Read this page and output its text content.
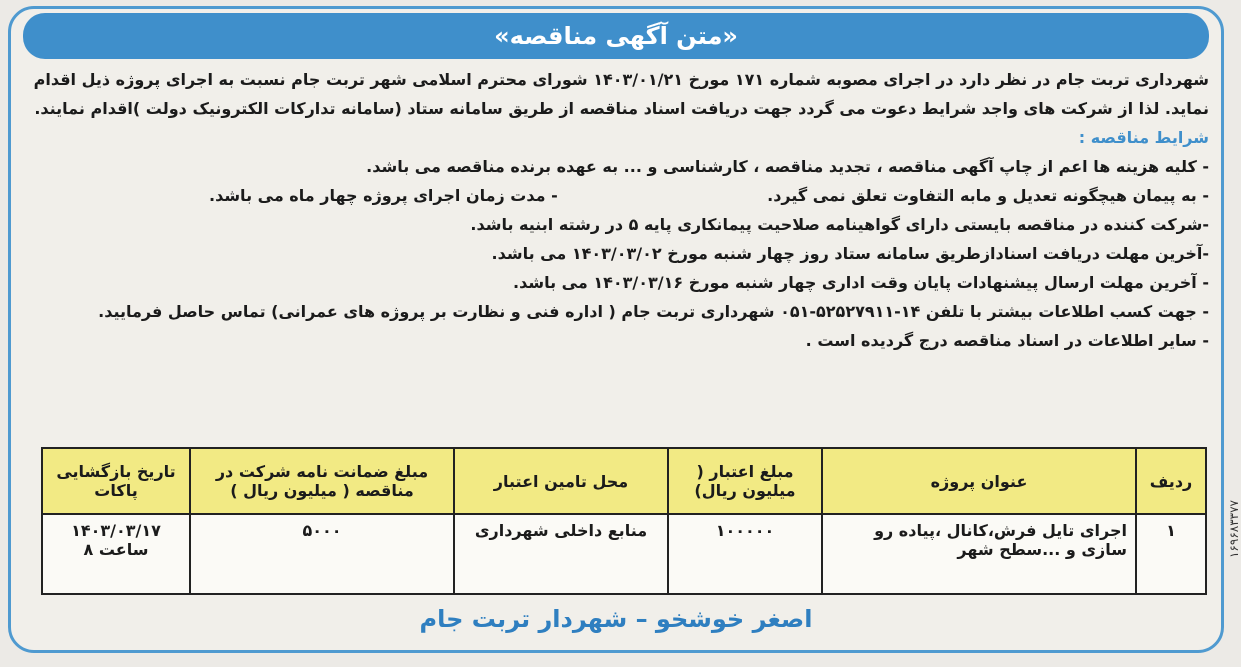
«متن آگهی مناقصه»
شهرداری تربت جام در نظر دارد در اجرای مصوبه شماره ۱۷۱ مورخ ۱۴۰۳/۰۱/۲۱ شورای محترم اسلامی شهر تربت جام نسبت به اجرای پروژه ذیل اقدام
نماید. لذا از شرکت های واجد شرایط دعوت می گردد جهت دریافت اسناد مناقصه از طریق سامانه ستاد (سامانه تدارکات الکترونیک دولت )اقدام نمایند.
شرایط مناقصه :
- کلیه هزینه ها اعم از چاپ آگهی مناقصه ، تجدید مناقصه ، کارشناسی و ... به عهده برنده مناقصه می باشد.
- به پیمان هیچگونه تعدیل و مابه التفاوت تعلق نمی گیرد.
- مدت زمان اجرای پروژه چهار ماه می باشد.
-شرکت کننده در مناقصه بایستی دارای گواهینامه صلاحیت پیمانکاری پایه ۵ در رشته ابنیه باشد.
-آخرین مهلت دریافت اسنادازطریق سامانه ستاد روز چهار شنبه مورخ ۱۴۰۳/۰۳/۰۲ می باشد.
- آخرین مهلت ارسال پیشنهادات پایان وقت اداری چهار شنبه مورخ ۱۴۰۳/۰۳/۱۶ می باشد.
- جهت کسب اطلاعات بیشتر با تلفن ۱۴-۵۲۵۲۷۹۱۱-۰۵۱ شهرداری تربت جام ( اداره فنی و نظارت بر پروژه های عمرانی) تماس حاصل فرمایید.
- سایر اطلاعات در اسناد مناقصه درج گردیده است .
ردیف	عنوان پروژه	مبلغ اعتبار ( میلیون ریال)	محل تامین اعتبار	مبلغ ضمانت نامه شرکت در مناقصه ( میلیون ریال )	تاریخ بازگشایی پاکات
۱	اجرای تایل فرش،کانال ،پیاده رو سازی و ...سطح شهر	۱۰۰۰۰۰	منابع داخلی شهرداری	۵۰۰۰	۱۴۰۳/۰۳/۱۷
ساعت ۸
اصغر خوشخو – شهردار تربت جام
۱۶۹۶۸۳۳۷۷
